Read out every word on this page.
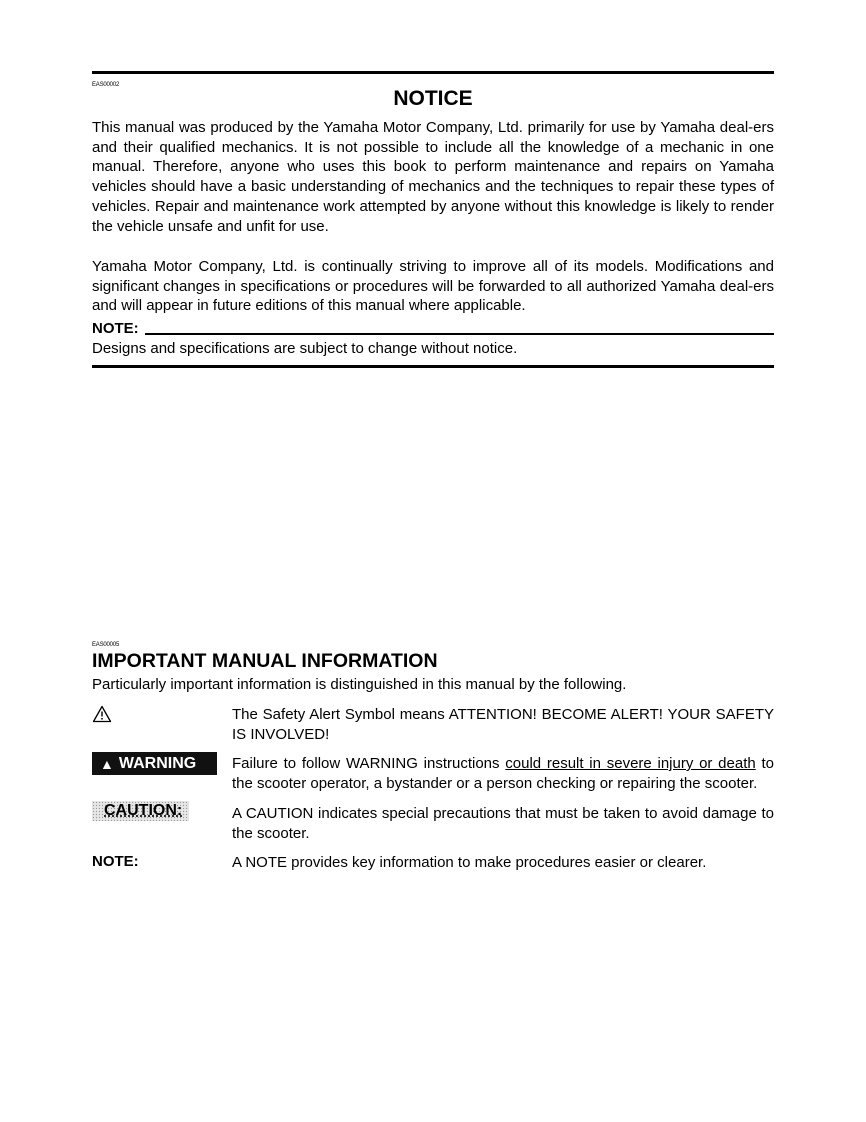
EAS00002
NOTICE
This manual was produced by the Yamaha Motor Company, Ltd. primarily for use by Yamaha deal-ers and their qualified mechanics. It is not possible to include all the knowledge of a mechanic in one manual. Therefore, anyone who uses this book to perform maintenance and repairs on Yamaha vehicles should have a basic understanding of mechanics and the techniques to repair these types of vehicles. Repair and maintenance work attempted by anyone without this knowledge is likely to render the vehicle unsafe and unfit for use.
Yamaha Motor Company, Ltd. is continually striving to improve all of its models. Modifications and significant changes in specifications or procedures will be forwarded to all authorized Yamaha deal-ers and will appear in future editions of this manual where applicable.
NOTE:
Designs and specifications are subject to change without notice.
EAS00005
IMPORTANT MANUAL INFORMATION
Particularly important information is distinguished in this manual by the following.
The Safety Alert Symbol means ATTENTION! BECOME ALERT! YOUR SAFETY IS INVOLVED!
▲ WARNING Failure to follow WARNING instructions could result in severe injury or death to the scooter operator, a bystander or a person checking or repairing the scooter.
CAUTION:	A CAUTION indicates special precautions that must be taken to avoid damage to the scooter.
NOTE:	A NOTE provides key information to make procedures easier or clearer.
